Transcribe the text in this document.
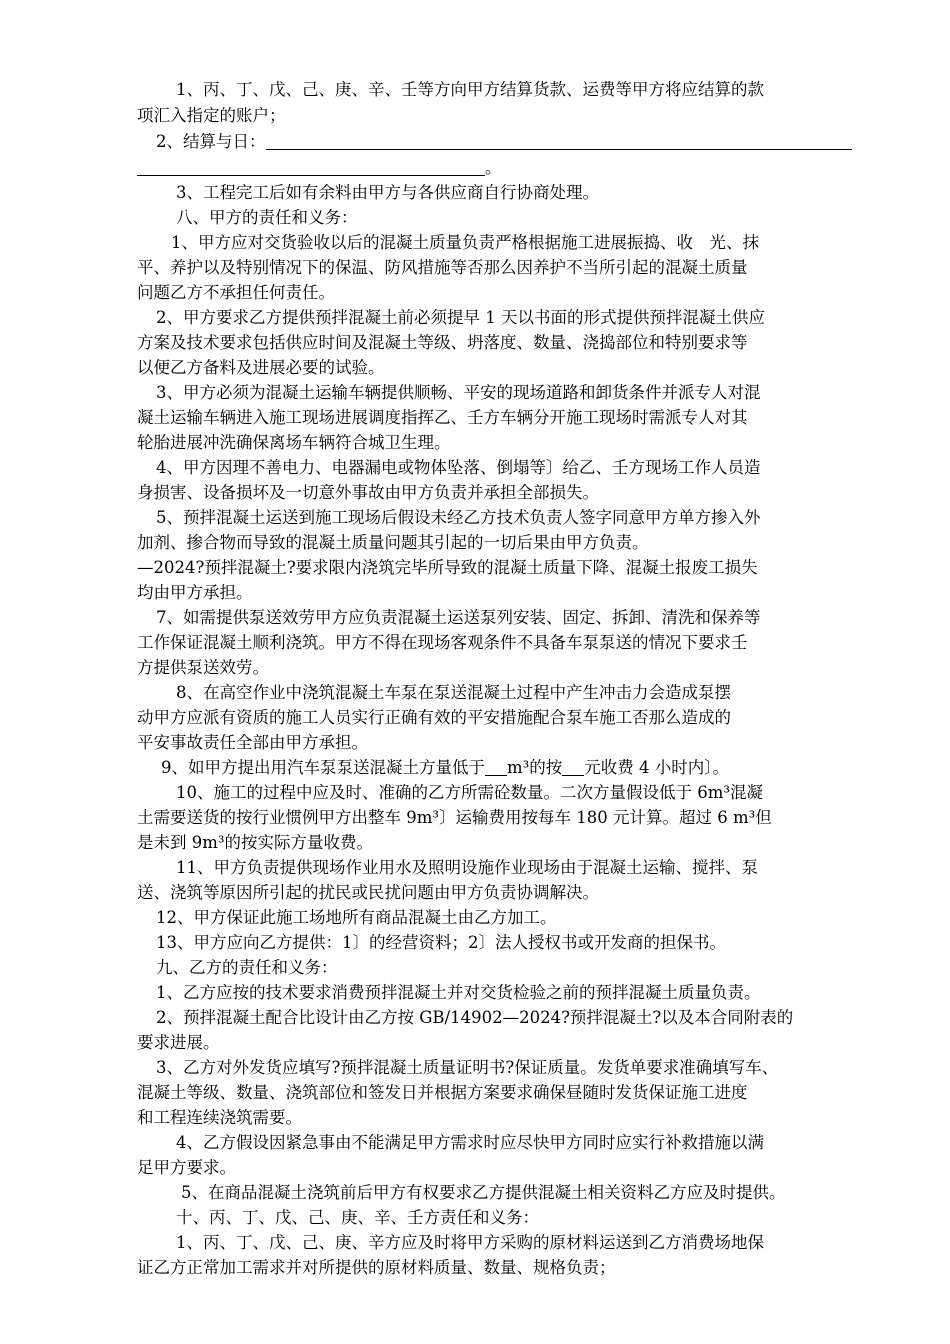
1、丙、丁、戊、己、庚、辛、壬等方向甲方结算货款、运费等甲方将应结算的款
项汇入指定的账户；
2、结算与日：
。
3、工程完工后如有余料由甲方与各供应商自行协商处理。
八、甲方的责任和义务：
1、甲方应对交货验收以后的混凝土质量负责严格根据施工进展振捣、收　光、抹
平、养护以及特别情况下的保温、防风措施等否那么因养护不当所引起的混凝土质量
问题乙方不承担任何责任。
2、甲方要求乙方提供预拌混凝土前必须提早 1 天以书面的形式提供预拌混凝土供应
方案及技术要求包括供应时间及混凝土等级、坍落度、数量、浇捣部位和特别要求等
以便乙方备料及进展必要的试验。
3、甲方必须为混凝土运输车辆提供顺畅、平安的现场道路和卸货条件并派专人对混
凝土运输车辆进入施工现场进展调度指挥乙、壬方车辆分开施工现场时需派专人对其
轮胎进展冲洗确保离场车辆符合城卫生理。
4、甲方因理不善电力、电器漏电或物体坠落、倒塌等〕给乙、壬方现场工作人员造
身损害、设备损坏及一切意外事故由甲方负责并承担全部损失。
5、预拌混凝土运送到施工现场后假设未经乙方技术负责人签字同意甲方单方掺入外
加剂、掺合物而导致的混凝土质量问题其引起的一切后果由甲方负责。
—2024?预拌混凝土?要求限内浇筑完毕所导致的混凝土质量下降、混凝土报废工损失
均由甲方承担。
7、如需提供泵送效劳甲方应负责混凝土运送泵列安装、固定、拆卸、清洗和保养等
工作保证混凝土顺利浇筑。甲方不得在现场客观条件不具备车泵泵送的情况下要求壬
方提供泵送效劳。
8、在高空作业中浇筑混凝土车泵在泵送混凝土过程中产生冲击力会造成泵摆
动甲方应派有资质的施工人员实行正确有效的平安措施配合泵车施工否那么造成的
平安事故责任全部由甲方承担。
9、如甲方提出用汽车泵泵送混凝土方量低于 m³的按 元收费 4 小时内〕。
10、施工的过程中应及时、准确的乙方所需砼数量。二次方量假设低于 6m³混凝
土需要送货的按行业惯例甲方出整车 9m³〕运输费用按每车 180 元计算。超过 6 m³但
是未到 9m³的按实际方量收费。
11、甲方负责提供现场作业用水及照明设施作业现场由于混凝土运输、搅拌、泵
送、浇筑等原因所引起的扰民或民扰问题由甲方负责协调解决。
12、甲方保证此施工场地所有商品混凝土由乙方加工。
13、甲方应向乙方提供：1〕的经营资料；2〕法人授权书或开发商的担保书。
九、乙方的责任和义务：
1、乙方应按的技术要求消费预拌混凝土并对交货检验之前的预拌混凝土质量负责。
2、预拌混凝土配合比设计由乙方按 GB/14902—2024?预拌混凝土?以及本合同附表的
要求进展。
3、乙方对外发货应填写?预拌混凝土质量证明书?保证质量。发货单要求准确填写车、
混凝土等级、数量、浇筑部位和签发日并根据方案要求确保昼随时发货保证施工进度
和工程连续浇筑需要。
4、乙方假设因紧急事由不能满足甲方需求时应尽快甲方同时应实行补救措施以满
足甲方要求。
5、在商品混凝土浇筑前后甲方有权要求乙方提供混凝土相关资料乙方应及时提供。
十、丙、丁、戊、己、庚、辛、壬方责任和义务：
1、丙、丁、戊、己、庚、辛方应及时将甲方采购的原材料运送到乙方消费场地保
证乙方正常加工需求并对所提供的原材料质量、数量、规格负责；
